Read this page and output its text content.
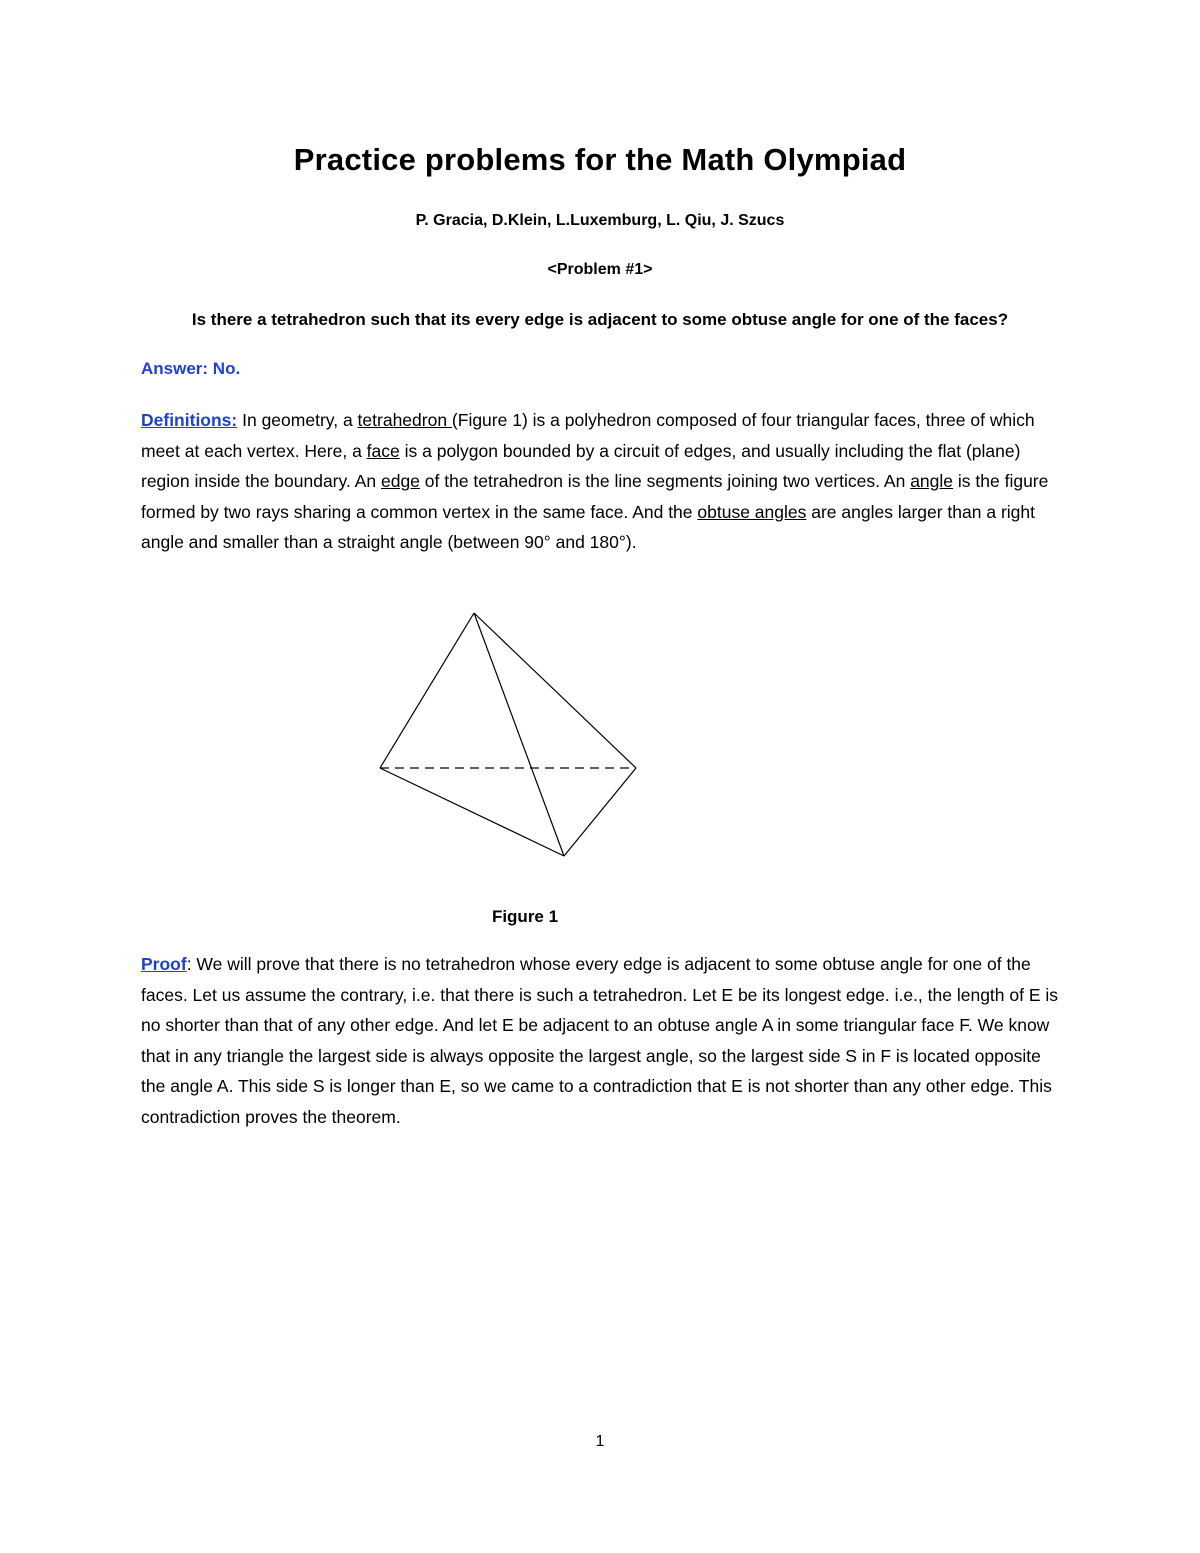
Practice problems for the Math Olympiad
P. Gracia, D.Klein, L.Luxemburg, L. Qiu, J. Szucs
<Problem #1>
Is there a tetrahedron such that its every edge is adjacent to some obtuse angle for one of the faces?
Answer: No.
Definitions: In geometry, a tetrahedron (Figure 1) is a polyhedron composed of four triangular faces, three of which meet at each vertex. Here, a face is a polygon bounded by a circuit of edges, and usually including the flat (plane) region inside the boundary. An edge of the tetrahedron is the line segments joining two vertices. An angle is the figure formed by two rays sharing a common vertex in the same face. And the obtuse angles are angles larger than a right angle and smaller than a straight angle (between 90° and 180°).
Figure 1
Proof: We will prove that there is no tetrahedron whose every edge is adjacent to some obtuse angle for one of the faces. Let us assume the contrary, i.e. that there is such a tetrahedron. Let E be its longest edge. i.e., the length of E is no shorter than that of any other edge. And let E be adjacent to an obtuse angle A in some triangular face F. We know that in any triangle the largest side is always opposite the largest angle, so the largest side S in F is located opposite the angle A. This side S is longer than E, so we came to a contradiction that E is not shorter than any other edge. This contradiction proves the theorem.
1
